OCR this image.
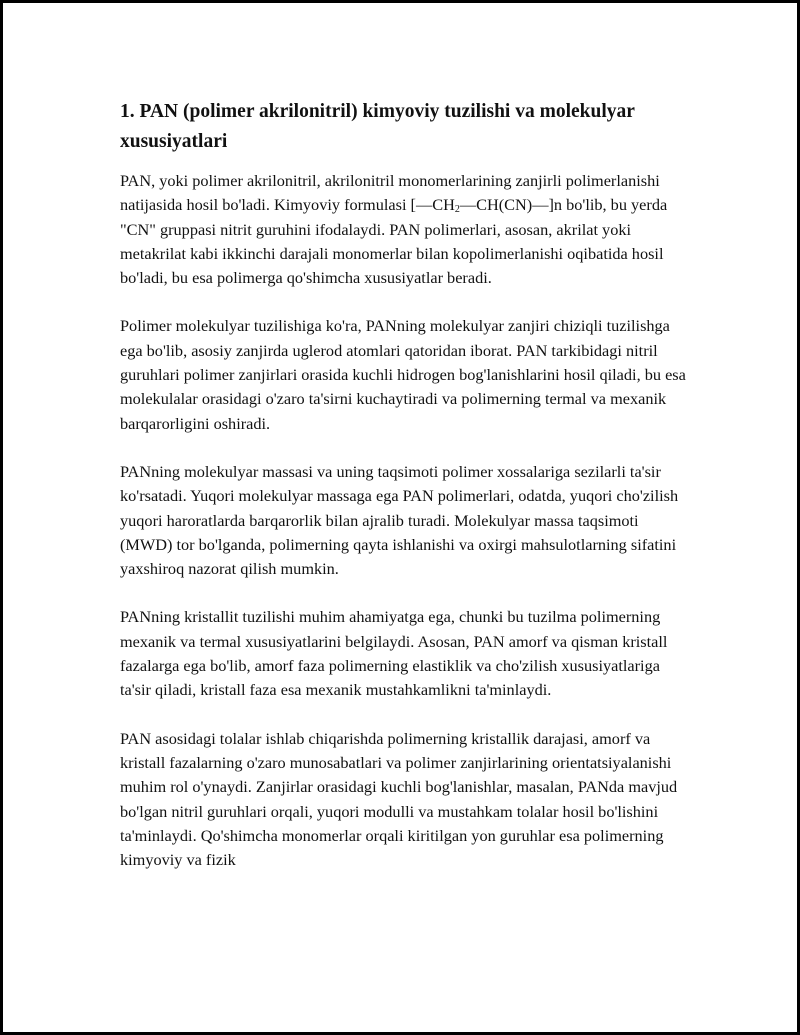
1. PAN (polimer akrilonitril) kimyoviy tuzilishi va molekulyar xususiyatlari

PAN, yoki polimer akrilonitril, akrilonitril monomerlarining zanjirli polimerlanishi natijasida hosil bo'ladi. Kimyoviy formulasi $[—CH_2—CH(CN)—]n$ bo'lib, bu yerda "CN" gruppasi nitrit guruhini ifodalaydi. PAN polimerlari, asosan, akrilat yoki metakrilat kabi ikkinchi darajali monomerlar bilan kopolimerlanishi oqibatida hosil bo'ladi, bu esa polimerga qo'shimcha xususiyatlar beradi.

Polimer molekulyar tuzilishiga ko'ra, PANning molekulyar zanjiri chiziqli tuzilishga ega bo'lib, asosiy zanjirda uglerod atomlari qatoridan iborat. PAN tarkibidagi nitril guruhlari polimer zanjirlari orasida kuchli hidrogen bog'lanishlarini hosil qiladi, bu esa molekulalar orasidagi o'zaro ta'sirni kuchaytiradi va polimerning termal va mexanik barqarorligini oshiradi.

PANning molekulyar massasi va uning taqsimoti polimer xossalariga sezilarli ta'sir ko'rsatadi. Yuqori molekulyar massaga ega PAN polimerlari, odatda, yuqori cho'zilish yuqori haroratlarda barqarorlik bilan ajralib turadi. Molekulyar massa taqsimoti (MWD) tor bo'lganda, polimerning qayta ishlanishi va oxirgi mahsulotlarning sifatini yaxshiroq nazorat qilish mumkin.

PANning kristallit tuzilishi muhim ahamiyatga ega, chunki bu tuzilma polimerning mexanik va termal xususiyatlarini belgilaydi. Asosan, PAN amorf va qisman kristall fazalarga ega bo'lib, amorf faza polimerning elastiklik va cho'zilish xususiyatlariga ta'sir qiladi, kristall faza esa mexanik mustahkamlikni ta'minlaydi.

PAN asosidagi tolalar ishlab chiqarishda polimerning kristallik darajasi, amorf va kristall fazalarning o'zaro munosabatlari va polimer zanjirlarining orientatsiyalanishi muhim rol o'ynaydi. Zanjirlar orasidagi kuchli bog'lanishlar, masalan, PANda mavjud bo'lgan nitril guruhlari orqali, yuqori modulli va mustahkam tolalar hosil bo'lishini ta'minlaydi. Qo'shimcha monomerlar orqali kiritilgan yon guruhlar esa polimerning kimyoviy va fizik
